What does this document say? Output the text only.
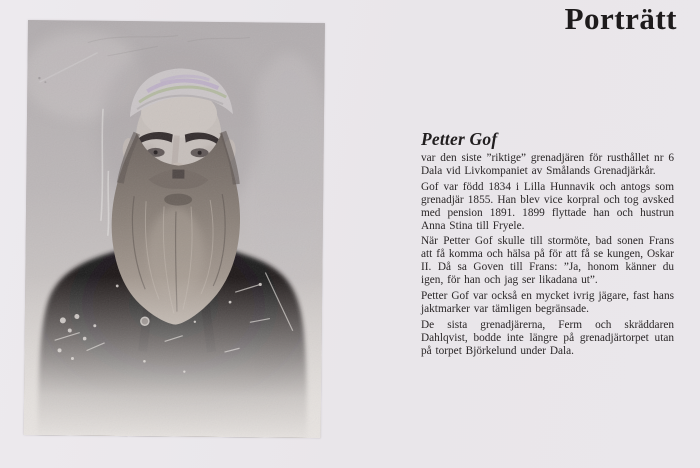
Porträtt
Petter Gof

var den siste ”riktige” grenadjären för rusthållet nr 6 Dala vid Livkompaniet av Smålands Grenadjärkår.

Gof var född 1834 i Lilla Hunnavik och antogs som grenadjär 1855. Han blev vice korpral och tog avsked med pension 1891. 1899 flyttade han och hustrun Anna Stina till Fryele.

När Petter Gof skulle till stormöte, bad sonen Frans att få komma och hälsa på för att få se kungen, Oskar II. Då sa Goven till Frans: ”Ja, honom känner du igen, för han och jag ser likadana ut”.

Petter Gof var också en mycket ivrig jägare, fast hans jaktmarker var tämligen begränsade.

De sista grenadjärerna, Ferm och skräddaren Dahlqvist, bodde inte längre på grenadjärtorpet utan på torpet Björkelund under Dala.
